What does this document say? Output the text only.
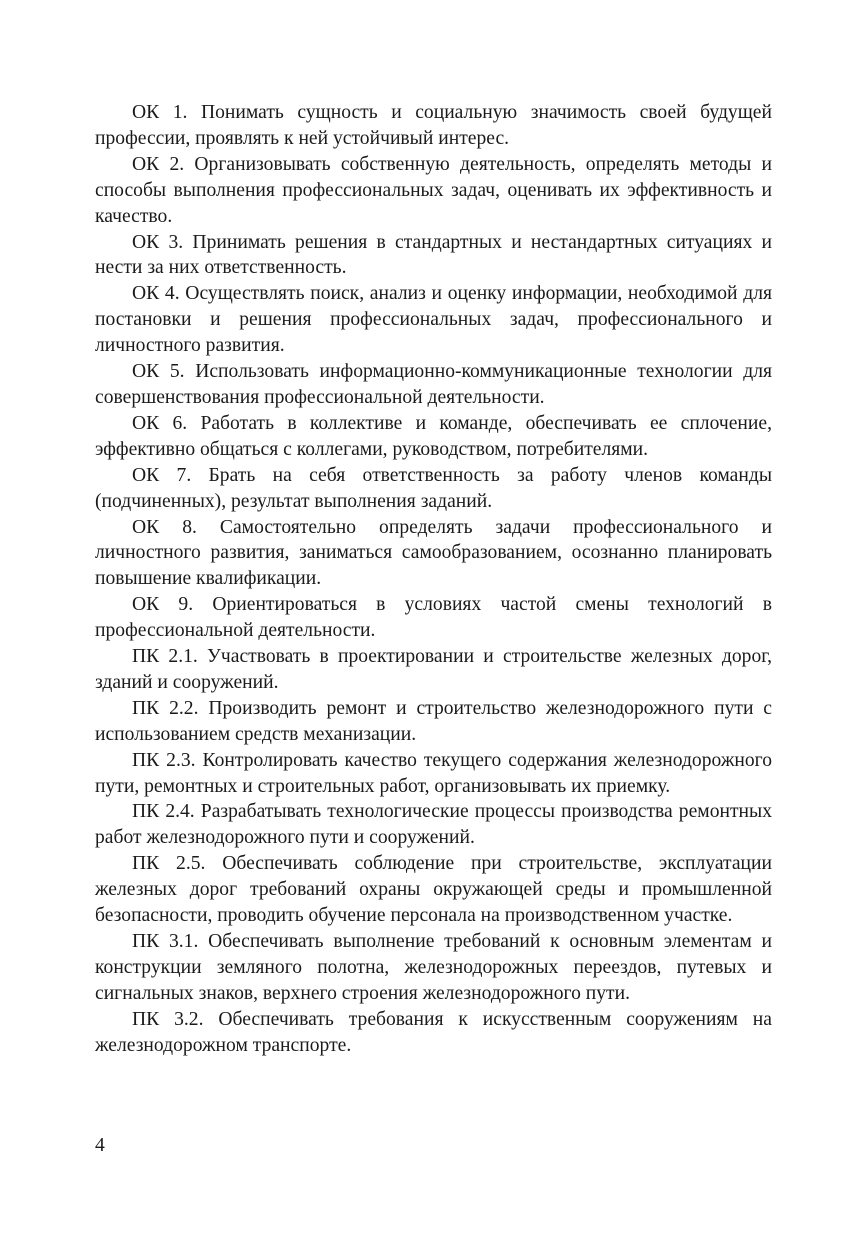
ОК 1. Понимать сущность и социальную значимость своей будущей профессии, проявлять к ней устойчивый интерес.

ОК 2. Организовывать собственную деятельность, определять методы и способы выполнения профессиональных задач, оценивать их эффективность и качество.

ОК 3. Принимать решения в стандартных и нестандартных ситуациях и нести за них ответственность.

ОК 4. Осуществлять поиск, анализ и оценку информации, необходимой для постановки и решения профессиональных задач, профессионального и личностного развития.

ОК 5. Использовать информационно-коммуникационные технологии для совершенствования профессиональной деятельности.

ОК 6. Работать в коллективе и команде, обеспечивать ее сплочение, эффективно общаться с коллегами, руководством, потребителями.

ОК 7. Брать на себя ответственность за работу членов команды (подчиненных), результат выполнения заданий.

ОК 8. Самостоятельно определять задачи профессионального и личностного развития, заниматься самообразованием, осознанно планировать повышение квалификации.

ОК 9. Ориентироваться в условиях частой смены технологий в профессиональной деятельности.

ПК 2.1. Участвовать в проектировании и строительстве железных дорог, зданий и сооружений.

ПК 2.2. Производить ремонт и строительство железнодорожного пути с использованием средств механизации.

ПК 2.3. Контролировать качество текущего содержания железнодорожного пути, ремонтных и строительных работ, организовывать их приемку.

ПК 2.4. Разрабатывать технологические процессы производства ремонтных работ железнодорожного пути и сооружений.

ПК 2.5. Обеспечивать соблюдение при строительстве, эксплуатации железных дорог требований охраны окружающей среды и промышленной безопасности, проводить обучение персонала на производственном участке.

ПК 3.1. Обеспечивать выполнение требований к основным элементам и конструкции земляного полотна, железнодорожных переездов, путевых и сигнальных знаков, верхнего строения железнодорожного пути.

ПК 3.2. Обеспечивать требования к искусственным сооружениям на железнодорожном транспорте.

4
